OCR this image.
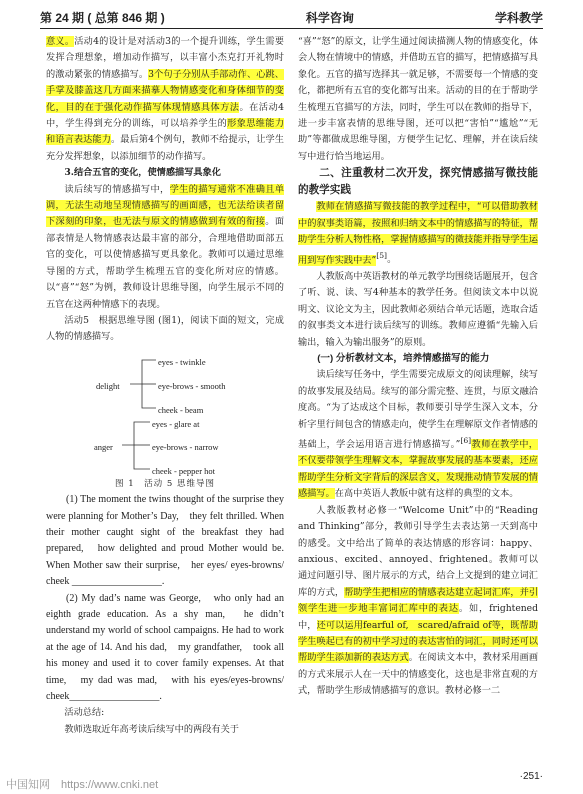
第 24 期 ( 总第 846 期 )	科学咨询	学科教学

意义。活动4的设计是对活动3的一个提升训练，学生需要发挥合理想象，增加动作描写，以丰富小杰克打开礼物时的激动紧张的情感描写。3个句子分别从手部动作、心跳、手掌及膝盖这几方面来描摹人物情感变化和身体细节的变化，目的在于强化动作描写体现情感具体方法。在活动4中，学生得到充分的训练，可以培养学生的形象思维能力和语言表达能力。最后第4个例句，教师不给提示，让学生充分发挥想象，以添加细节的动作描写。

3.结合五官的变化，使情感描写具象化

读后续写的情感描写中，学生的描写通常不准确且单调，无法生动地呈现情感描写的画面感，也无法给读者留下深刻的印象，也无法与原文的情感做到有效的衔接。面部表情是人物情感表达最丰富的部分，合理地借助面部五官的变化，可以使情感描写更具象化。教师可以通过思维导图的方式，帮助学生梳理五官的变化所对应的情感。以“喜”“怒”为例，教师设计思维导图，向学生展示不同的五官在这两种情感下的表现。

活动5　根据思维导图 (图1)，阅读下面的短文，完成人物的情感描写。

delight
eyes - twinkle
eye-brows - smooth
cheek - beam
anger
eyes - glare at
eye-brows - narrow
cheek - pepper hot

图 1　活动 5 思维导图

(1) The moment the twins thought of the surprise they were planning for Mother’s Day,　they felt thrilled. When their mother caught sight of the breakfast they had prepared,　how delighted and proud Mother would be. When Mother saw their surprise,　her eyes/ eyes-browns/ cheek __________________.

(2) My dad’s name was George,　who only had an eighth grade education. As a shy man,　he didn’t understand my world of school campaigns. He had to work at the age of 14. And his dad,　my grandfather,　took all his money and used it to cover family expenses. At that time,　my dad was mad,　with his eyes/eyes-browns/ cheek__________________.

活动总结:

教师选取近年高考读后续写中的两段有关于

“喜”“怒”的原文，让学生通过阅读描测人物的情感变化，体会人物在情境中的情感，并借助五官的描写，把情感描写具象化。五官的描写选择其一就足够，不需要每一个情感的变化，都把所有五官的变化都写出来。活动的目的在于帮助学生梳理五官描写的方法，同时，学生可以在教师的指导下，进一步丰富表情的思维导图，还可以把“害怕”“尴尬”“无助”等都做成思维导图，方便学生记忆、理解，并在读后续写中进行恰当地运用。

二、注重教材二次开发，探究情感描写微技能的教学实践

教师在情感描写微技能的教学过程中，“可以借助教材中的叙事类语篇，按照和归纳文本中的情感描写的特征，帮助学生分析人物性格，掌握情感描写的微技能并指导学生运用到写作实践中去”[5]。

人教版高中英语教材的单元教学均围绕话题展开，包含了听、说、读、写4种基本的教学任务。但阅读文本中以说明文、议论文为主，因此教师必须结合单元话题，选取合适的叙事类文本进行读后续写的训练。教师应遵循“先输入后输出，输入为输出服务”的原则。

(一) 分析教材文本，培养情感描写的能力

读后续写任务中，学生需要完成原文的阅读理解，续写的故事发展及结局。续写的部分需完整、连贯，与原文融洽度高。“为了达成这个目标，教师要引导学生深入文本，分析字里行间包含的情感走向，使学生在理解原文作者情感的基础上，学会运用语言进行情感描写。”[6]教师在教学中，不仅要带领学生理解文本，掌握故事发展的基本要素，还应帮助学生分析文字背后的深层含义，发现推动情节发展的情感描写。在高中英语人教版中就有这样的典型的文本。

人教版教材必修一“Welcome Unit”中的“Reading and Thinking”部分，教师引导学生去表达第一天到高中的感受。文中给出了简单的表达情感的形容词：happy、anxious、excited、annoyed、frightened。教师可以通过问题引导、图片展示的方式，结合上文提到的建立词汇库的方式，帮助学生把相应的情感表达建立起词汇库，并引领学生进一步地丰富词汇库中的表达。如，frightened中，还可以运用fearful of,　scared/afraid of等，既帮助学生唤起已有的初中学习过的表达害怕的词汇，同时还可以帮助学生添加新的表达方式。在阅读文本中，教材采用画画的方式来展示人在一天中的情感变化，这也是非常直观的方式，帮助学生形成情感描写的意识。教材必修一二

·251·
中国知网　https://www.cnki.net
